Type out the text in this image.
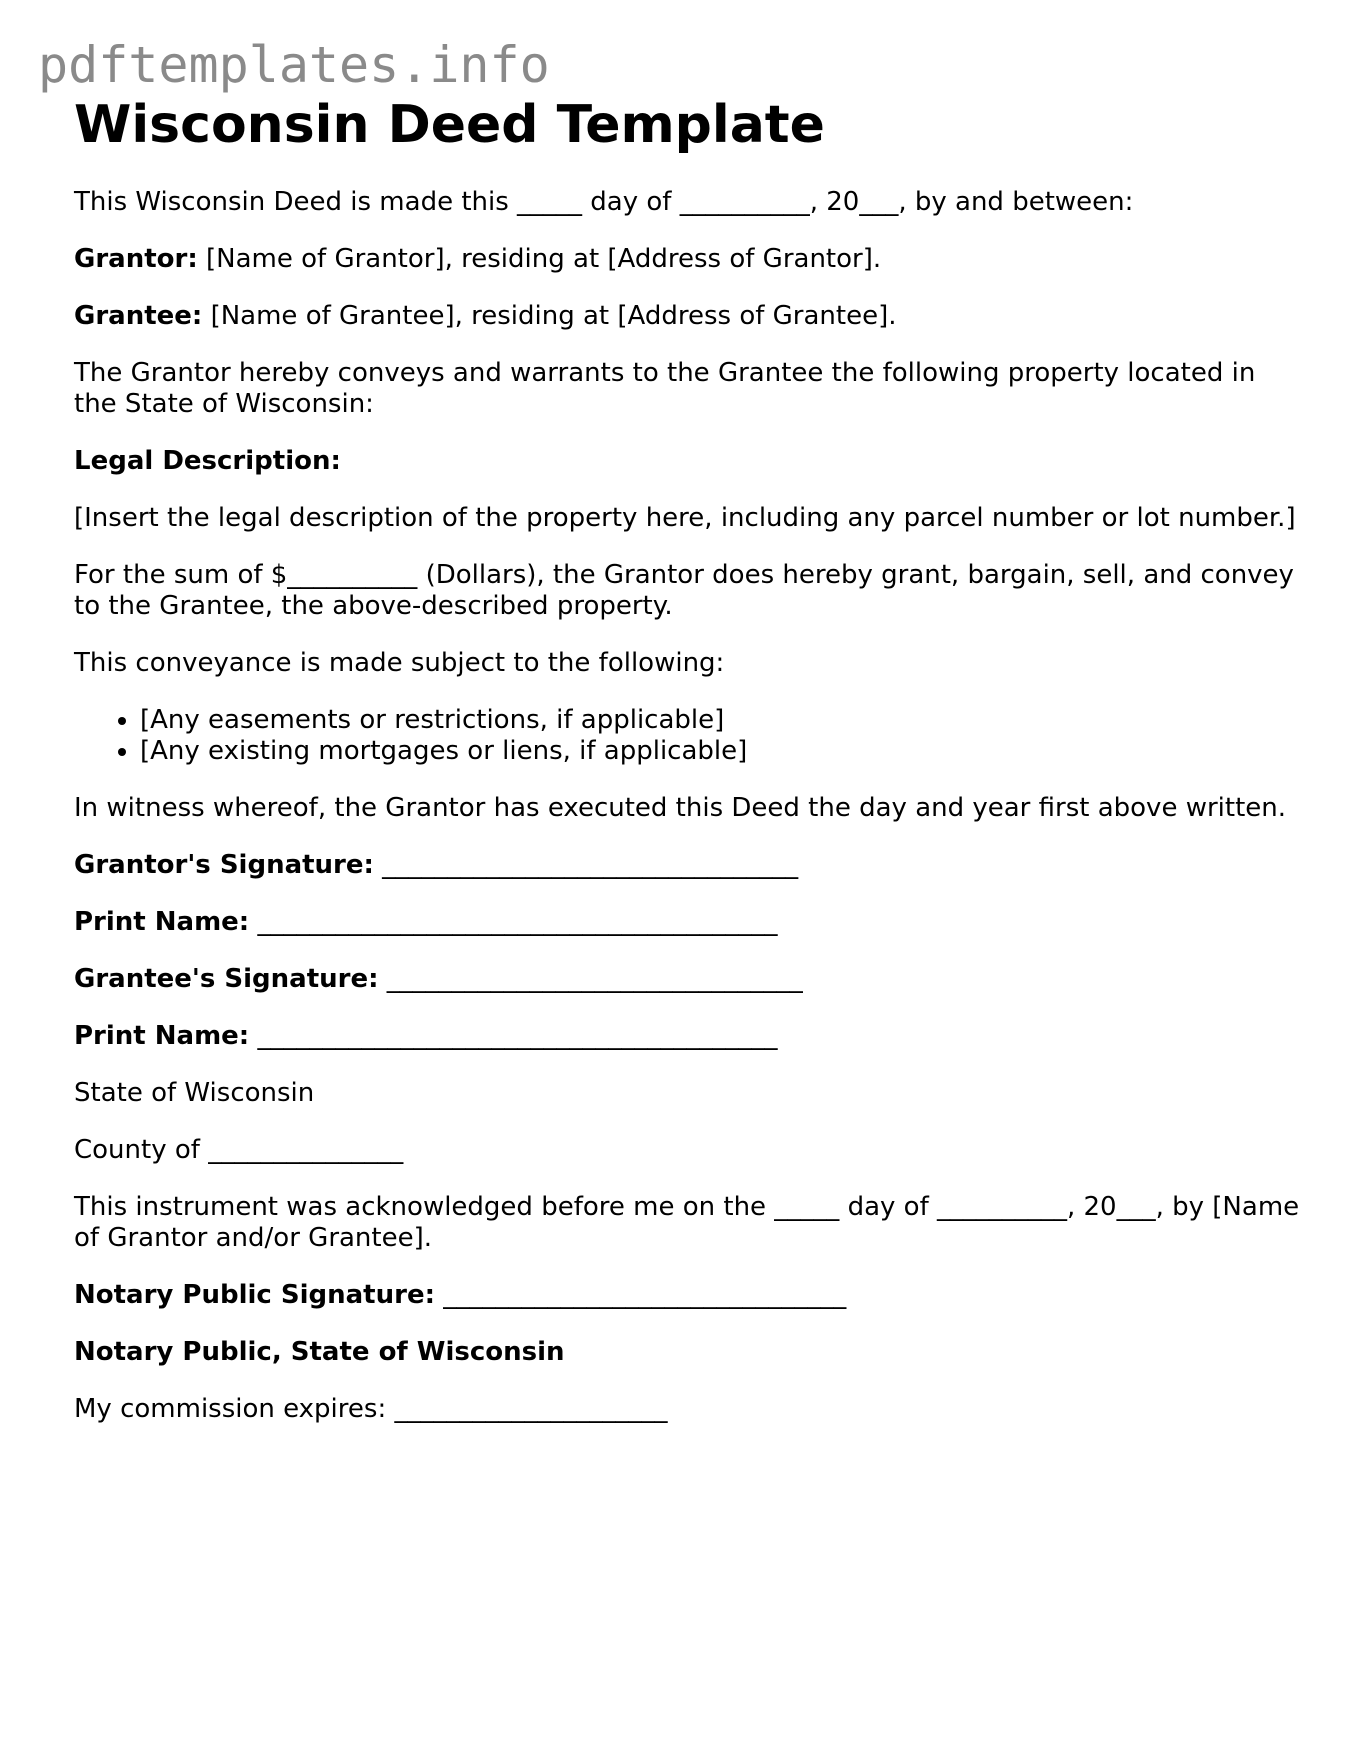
pdftemplates.info
Wisconsin Deed Template

This Wisconsin Deed is made this _____ day of __________, 20___, by and between:

Grantor: [Name of Grantor], residing at [Address of Grantor].

Grantee: [Name of Grantee], residing at [Address of Grantee].

The Grantor hereby conveys and warrants to the Grantee the following property located in the State of Wisconsin:

Legal Description:

[Insert the legal description of the property here, including any parcel number or lot number.]

For the sum of $__________ (Dollars), the Grantor does hereby grant, bargain, sell, and convey to the Grantee, the above-described property.

This conveyance is made subject to the following:

• [Any easements or restrictions, if applicable]
• [Any existing mortgages or liens, if applicable]

In witness whereof, the Grantor has executed this Deed the day and year first above written.

Grantor's Signature: ________________________________

Print Name: ________________________________________

Grantee's Signature: ________________________________

Print Name: ________________________________________

State of Wisconsin

County of _______________

This instrument was acknowledged before me on the _____ day of __________, 20___, by [Name of Grantor and/or Grantee].

Notary Public Signature: _______________________________

Notary Public, State of Wisconsin

My commission expires: _____________________
